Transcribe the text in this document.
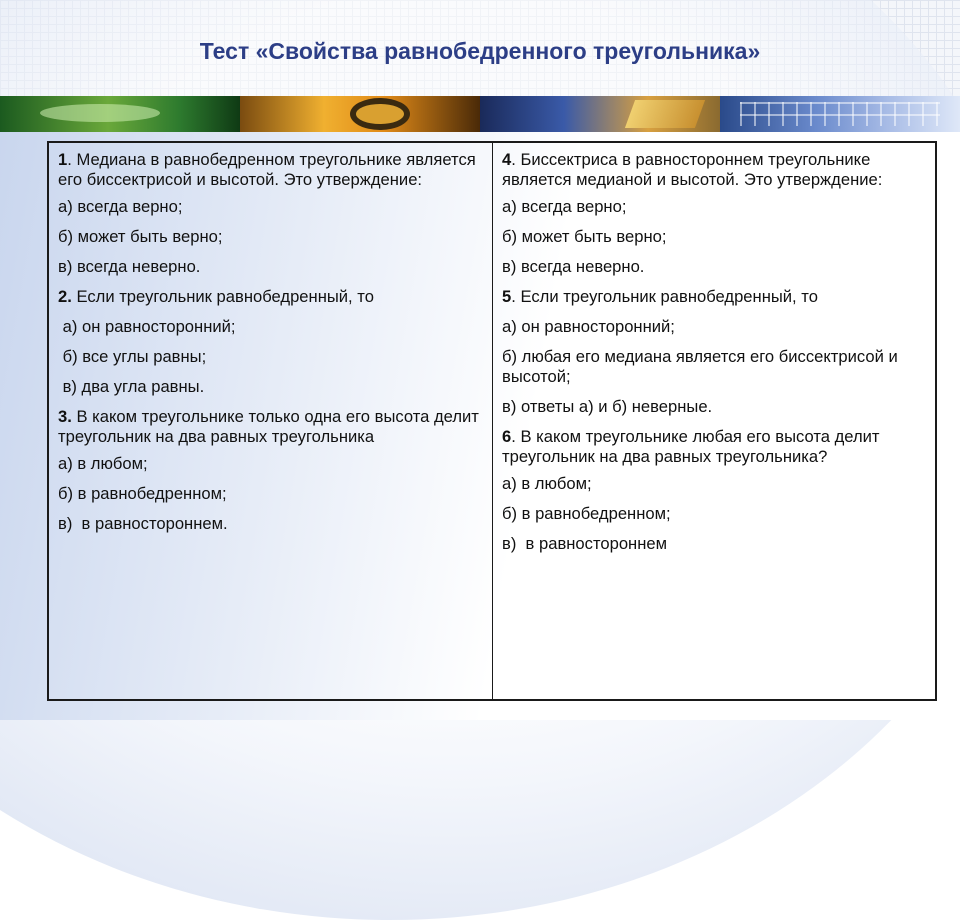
Тест «Свойства равнобедренного треугольника»
1. Медиана в равнобедренном треугольнике является его биссектрисой и высотой. Это утверждение:
а) всегда верно;
б) может быть верно;
в) всегда неверно.
2. Если треугольник равнобедренный, то
а) он равносторонний;
б) все углы равны;
в) два угла равны.
3. В каком треугольнике только одна его высота делит треугольник на два равных треугольника
а) в любом;
б) в равнобедренном;
в)  в равностороннем.
4. Биссектриса в равностороннем треугольнике является медианой и высотой. Это утверждение:
а) всегда верно;
б) может быть верно;
в) всегда неверно.
5. Если треугольник равнобедренный, то
а) он равносторонний;
б) любая его медиана является его биссектрисой и высотой;
в) ответы а) и б) неверные.
6. В каком треугольнике любая его высота делит треугольник на два равных треугольника?
а) в любом;
б) в равнобедренном;
в)  в равностороннем
